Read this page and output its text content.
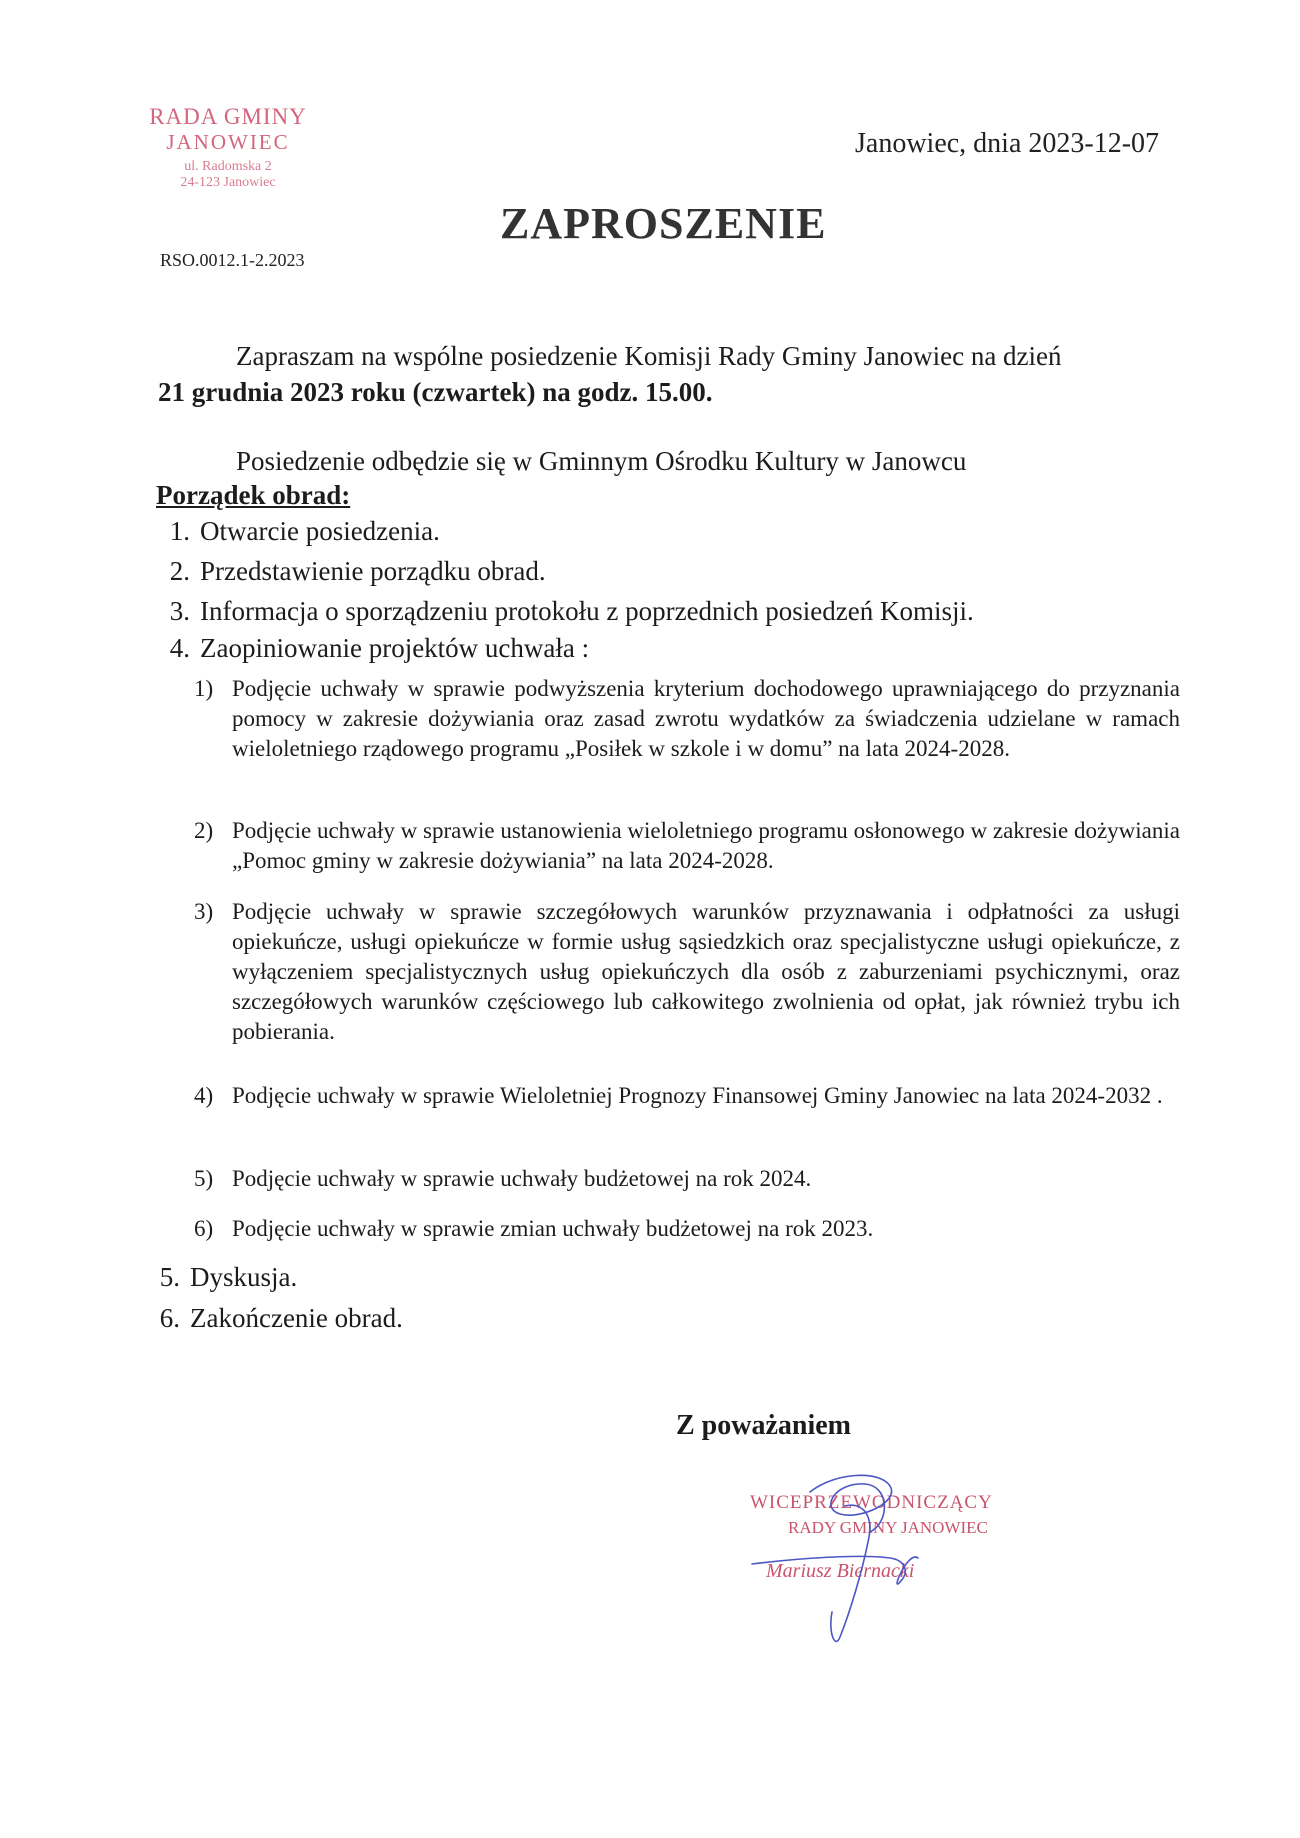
RADA GMINY
JANOWIEC
ul. Radomska 2
24-123 Janowiec
RSO.0012.1-2.2023
Janowiec, dnia 2023-12-07
ZAPROSZENIE
Zapraszam na wspólne posiedzenie Komisji Rady Gminy Janowiec na dzień
21 grudnia 2023 roku (czwartek) na godz. 15.00.
Posiedzenie odbędzie się w Gminnym Ośrodku Kultury w Janowcu
Porządek obrad:
1. Otwarcie posiedzenia.
2. Przedstawienie porządku obrad.
3. Informacja o sporządzeniu protokołu z poprzednich posiedzeń Komisji.
4. Zaopiniowanie projektów uchwała :
1) Podjęcie uchwały w sprawie podwyższenia kryterium dochodowego uprawniającego do przyznania pomocy w zakresie dożywiania oraz zasad zwrotu wydatków za świadczenia udzielane w ramach wieloletniego rządowego programu „Posiłek w szkole i w domu” na lata 2024-2028.
2) Podjęcie uchwały w sprawie ustanowienia wieloletniego programu osłonowego w zakresie dożywiania „Pomoc gminy w zakresie dożywiania” na lata 2024-2028.
3) Podjęcie uchwały w sprawie szczegółowych warunków przyznawania i odpłatności za usługi opiekuńcze, usługi opiekuńcze w formie usług sąsiedzkich oraz specjalistyczne usługi opiekuńcze, z wyłączeniem specjalistycznych usług opiekuńczych dla osób z zaburzeniami psychicznymi, oraz szczegółowych warunków częściowego lub całkowitego zwolnienia od opłat, jak również trybu ich pobierania.
4) Podjęcie uchwały w sprawie Wieloletniej Prognozy Finansowej Gminy Janowiec na lata 2024-2032 .
5) Podjęcie uchwały w sprawie uchwały budżetowej na rok 2024.
6) Podjęcie uchwały w sprawie zmian uchwały budżetowej na rok 2023.
5. Dyskusja.
6. Zakończenie obrad.
Z poważaniem
WICEPRZEWODNICZĄCY
RADY GMINY JANOWIEC
Mariusz Biernacki
